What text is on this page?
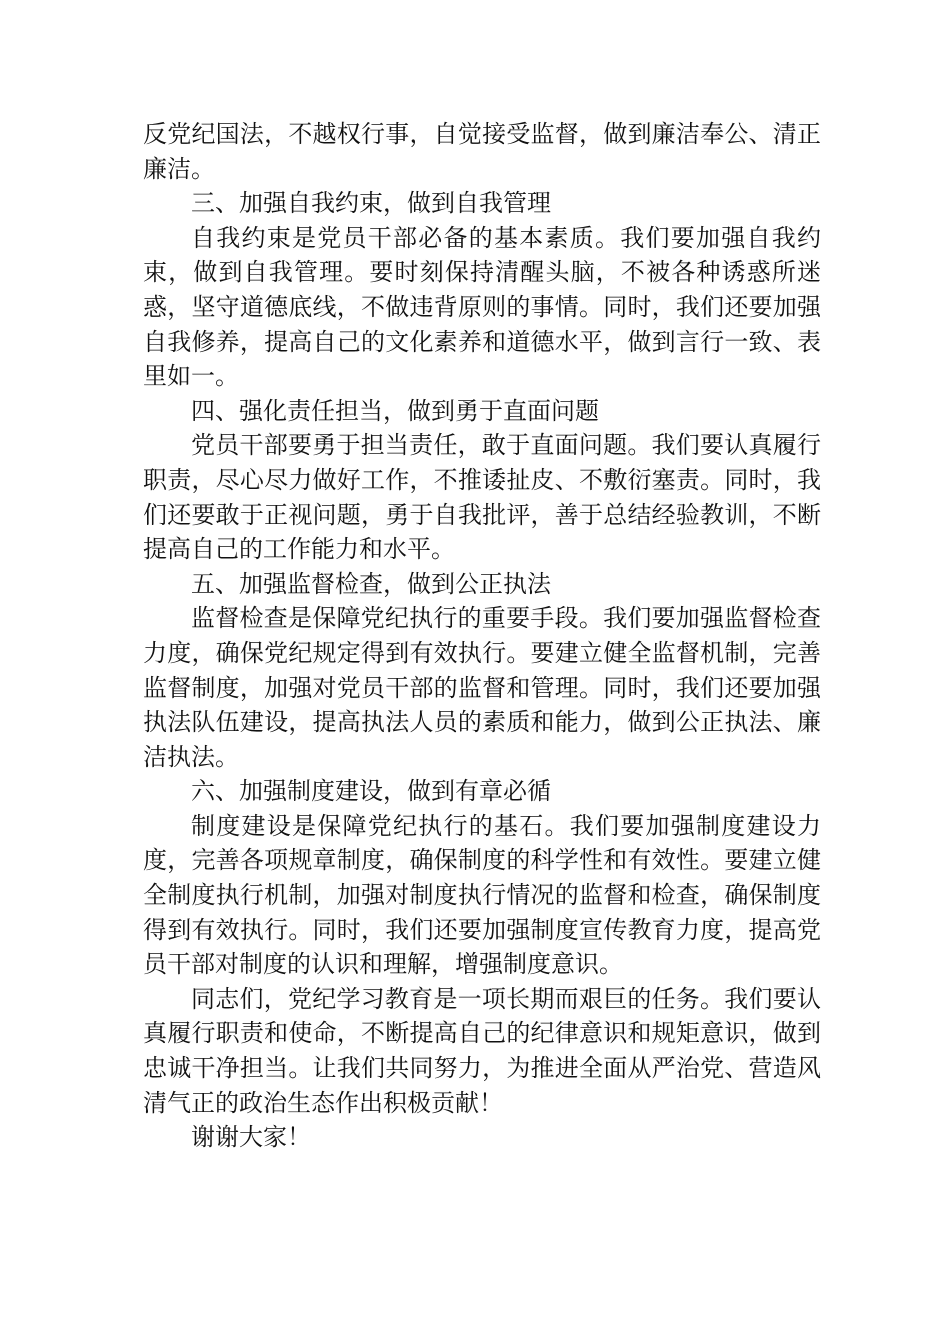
反党纪国法，不越权行事，自觉接受监督，做到廉洁奉公、清正廉洁。

三、加强自我约束，做到自我管理

自我约束是党员干部必备的基本素质。我们要加强自我约束，做到自我管理。要时刻保持清醒头脑，不被各种诱惑所迷惑，坚守道德底线，不做违背原则的事情。同时，我们还要加强自我修养，提高自己的文化素养和道德水平，做到言行一致、表里如一。

四、强化责任担当，做到勇于直面问题

党员干部要勇于担当责任，敢于直面问题。我们要认真履行职责，尽心尽力做好工作，不推诿扯皮、不敷衍塞责。同时，我们还要敢于正视问题，勇于自我批评，善于总结经验教训，不断提高自己的工作能力和水平。

五、加强监督检查，做到公正执法

监督检查是保障党纪执行的重要手段。我们要加强监督检查力度，确保党纪规定得到有效执行。要建立健全监督机制，完善监督制度，加强对党员干部的监督和管理。同时，我们还要加强执法队伍建设，提高执法人员的素质和能力，做到公正执法、廉洁执法。

六、加强制度建设，做到有章必循

制度建设是保障党纪执行的基石。我们要加强制度建设力度，完善各项规章制度，确保制度的科学性和有效性。要建立健全制度执行机制，加强对制度执行情况的监督和检查，确保制度得到有效执行。同时，我们还要加强制度宣传教育力度，提高党员干部对制度的认识和理解，增强制度意识。

同志们，党纪学习教育是一项长期而艰巨的任务。我们要认真履行职责和使命，不断提高自己的纪律意识和规矩意识，做到忠诚干净担当。让我们共同努力，为推进全面从严治党、营造风清气正的政治生态作出积极贡献！

谢谢大家！
